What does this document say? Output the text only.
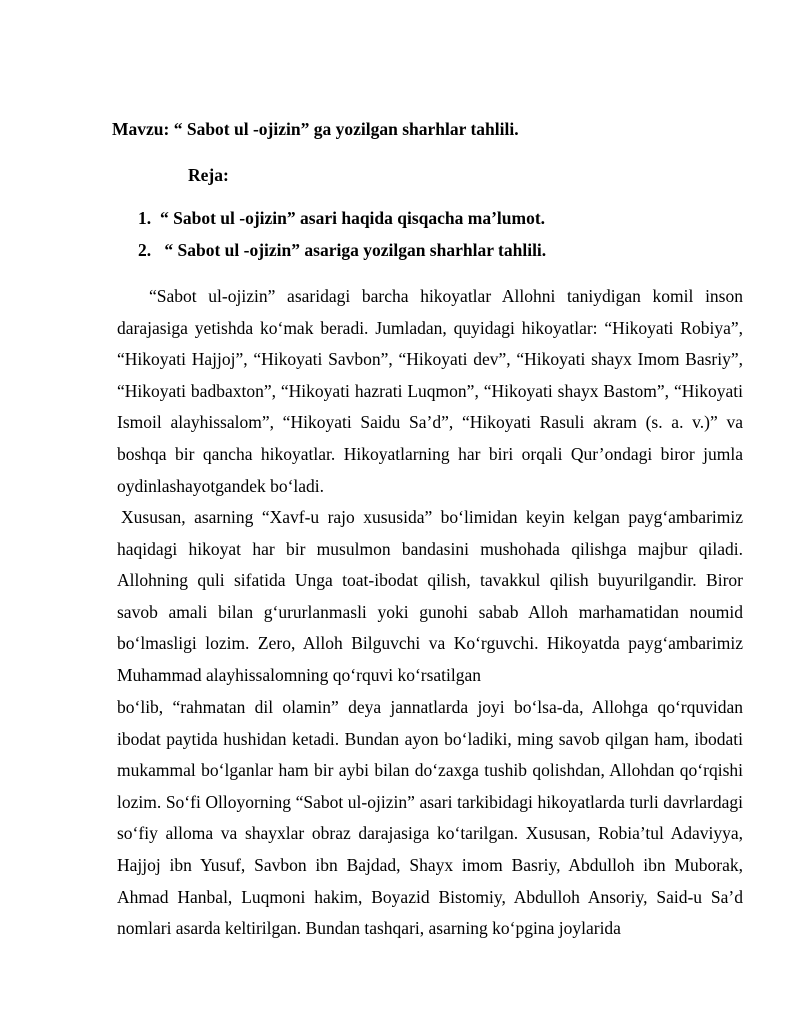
Mavzu: “ Sabot ul -ojizin” ga yozilgan sharhlar tahlili.
Reja:
1. “ Sabot ul -ojizin” asari haqida qisqacha ma’lumot.
2. “ Sabot ul -ojizin” asariga yozilgan sharhlar tahlili.

“Sabot ul-ojizin” asaridagi barcha hikoyatlar Allohni taniydigan komil inson darajasiga yetishda ko‘mak beradi. Jumladan, quyidagi hikoyatlar: “Hikoyati Robiya”, “Hikoyati Hajjoj”, “Hikoyati Savbon”, “Hikoyati dev”, “Hikoyati shayx Imom Basriy”, “Hikoyati badbaxton”, “Hikoyati hazrati Luqmon”, “Hikoyati shayx Bastom”, “Hikoyati Ismoil alayhissalom”, “Hikoyati Saidu Sa’d”, “Hikoyati Rasuli akram (s. a. v.)” va boshqa bir qancha hikoyatlar. Hikoyatlarning har biri orqali Qur’ondagi biror jumla oydinlashayotgandek bo‘ladi.

Xususan, asarning “Xavf-u rajo xususida” bo‘limidan keyin kelgan payg‘ambarimiz haqidagi hikoyat har bir musulmon bandasini mushohada qilishga majbur qiladi. Allohning quli sifatida Unga toat-ibodat qilish, tavakkul qilish buyurilgandir. Biror savob amali bilan g‘ururlanmasli yoki gunohi sabab Alloh marhamatidan noumid bo‘lmasligi lozim. Zero, Alloh Bilguvchi va Ko‘rguvchi. Hikoyatda payg‘ambarimiz Muhammad alayhissalomning qo‘rquvi ko‘rsatilgan

bo‘lib, “rahmatan dil olamin” deya jannatlarda joyi bo‘lsa-da, Allohga qo‘rquvidan ibodat paytida hushidan ketadi. Bundan ayon bo‘ladiki, ming savob qilgan ham, ibodati mukammal bo‘lganlar ham bir aybi bilan do‘zaxga tushib qolishdan, Allohdan qo‘rqishi lozim. So‘fi Olloyorning “Sabot ul-ojizin” asari tarkibidagi hikoyatlarda turli davrlardagi so‘fiy alloma va shayxlar obraz darajasiga ko‘tarilgan. Xususan, Robia’tul Adaviyya, Hajjoj ibn Yusuf, Savbon ibn Bajdad, Shayx imom Basriy, Abdulloh ibn Muborak, Ahmad Hanbal, Luqmoni hakim, Boyazid Bistomiy, Abdulloh Ansoriy, Said-u Sa’d nomlari asarda keltirilgan. Bundan tashqari, asarning ko‘pgina joylarida
